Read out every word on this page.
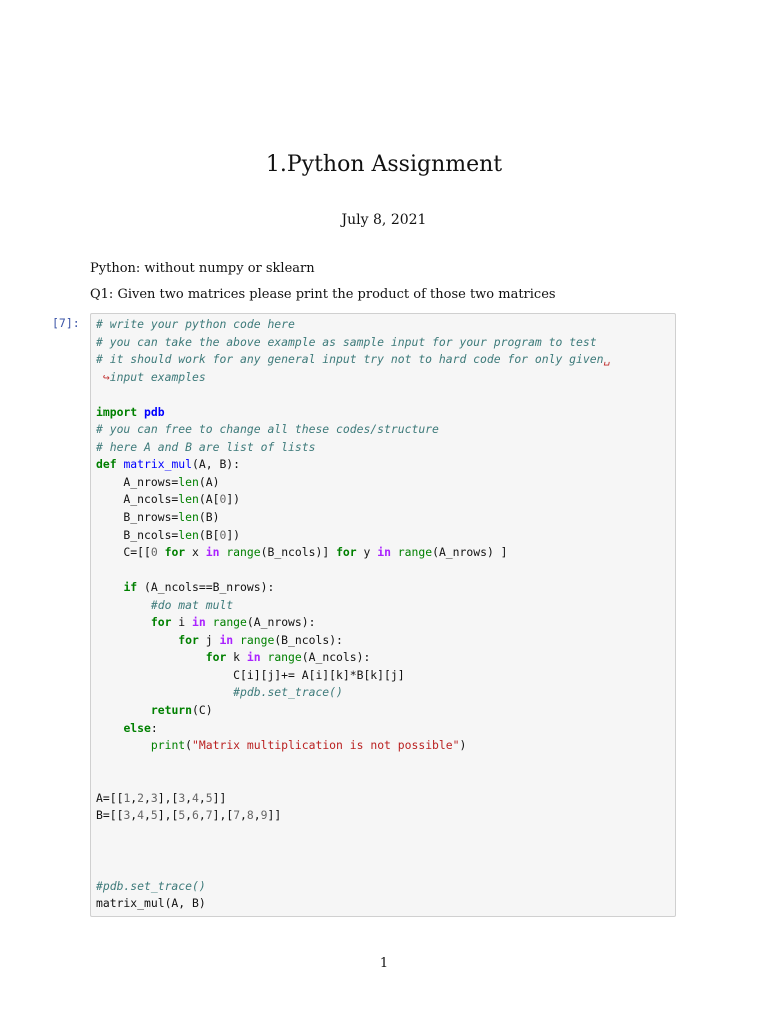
1.Python Assignment
July 8, 2021
Python: without numpy or sklearn
Q1: Given two matrices please print the product of those two matrices
[7]: # write your python code here
# you can take the above example as sample input for your program to test
# it should work for any general input try not to hard code for only given␣
↪input examples

import pdb
# you can free to change all these codes/structure
# here A and B are list of lists
def matrix_mul(A, B):
A_nrows=len(A)
A_ncols=len(A[0])
B_nrows=len(B)
B_ncols=len(B[0])
C=[[0 for x in range(B_ncols)] for y in range(A_nrows) ]

if (A_ncols==B_nrows):
#do mat mult
for i in range(A_nrows):
for j in range(B_ncols):
for k in range(A_ncols):
C[i][j]+= A[i][k]*B[k][j]
#pdb.set_trace()
return(C)
else:
print("Matrix multiplication is not possible")

A=[[1,2,3],[3,4,5]]
B=[[3,4,5],[5,6,7],[7,8,9]]

#pdb.set_trace()
matrix_mul(A, B)

1
